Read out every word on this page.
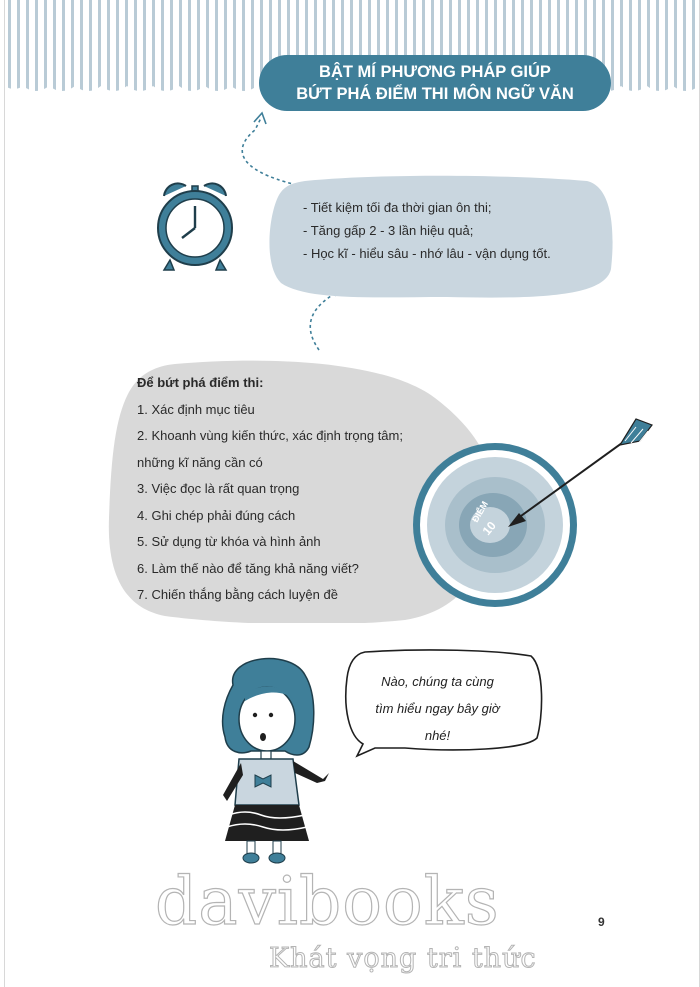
BẬT MÍ PHƯƠNG PHÁP GIÚP
BỨT PHÁ ĐIỂM THI MÔN NGỮ VĂN
- Tiết kiệm tối đa thời gian ôn thi;
- Tăng gấp 2 - 3 lần hiệu quả;
- Học kĩ - hiểu sâu - nhớ lâu - vận dụng tốt.
Để bứt phá điểm thi:
1. Xác định mục tiêu
2. Khoanh vùng kiến thức, xác định trọng tâm;
những kĩ năng cần có
3. Việc đọc là rất quan trọng
4. Ghi chép phải đúng cách
5. Sử dụng từ khóa và hình ảnh
6. Làm thế nào để tăng khả năng viết?
7. Chiến thắng bằng cách luyện đề
ĐIỂM
10
Nào, chúng ta cùng
tìm hiểu ngay bây giờ
nhé!
davibooks
Khát vọng tri thức
9
